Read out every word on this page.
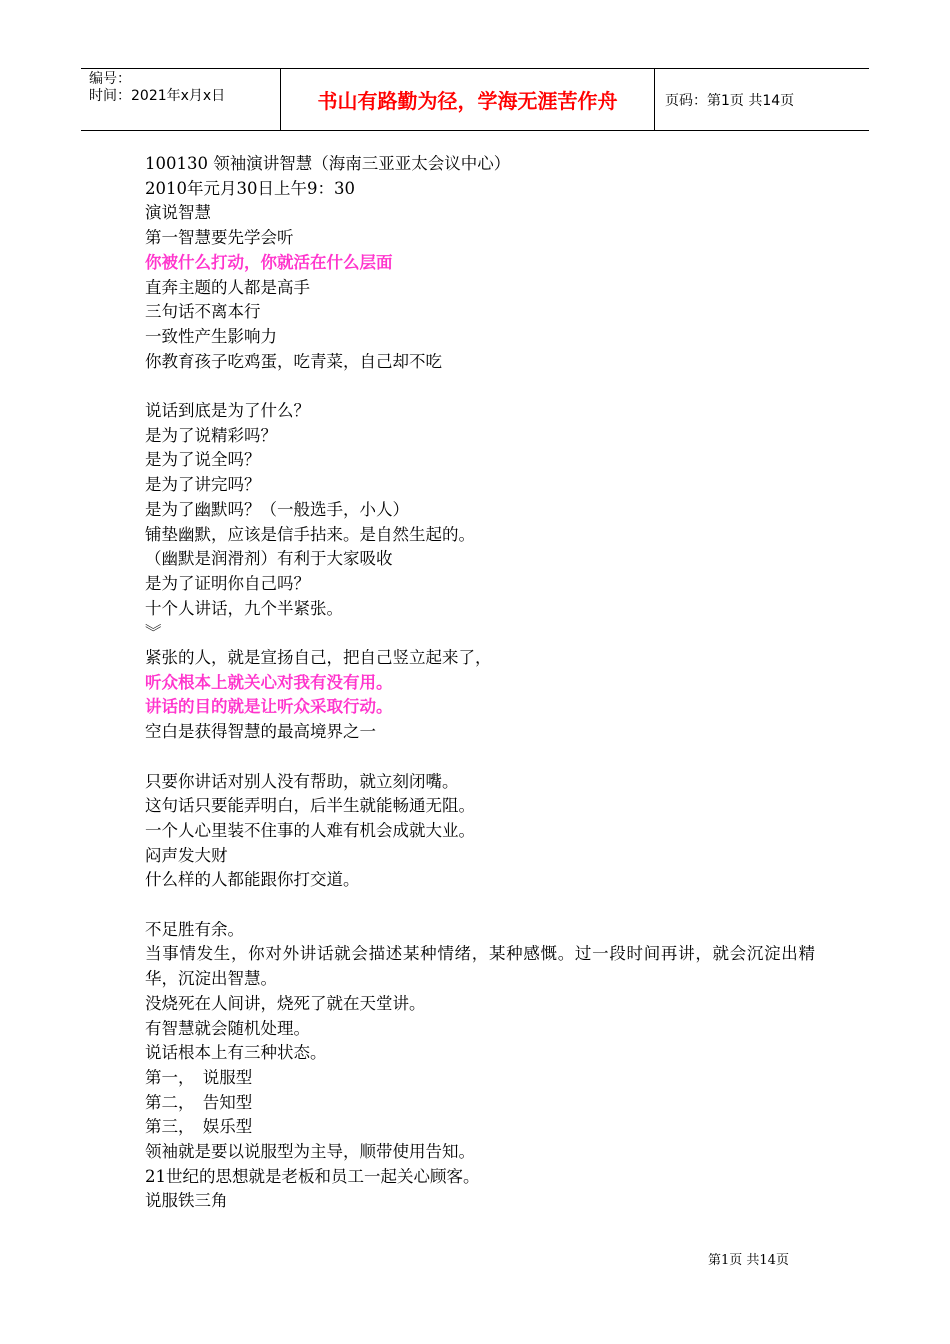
编号：
时间：2021年x月x日	书山有路勤为径，学海无涯苦作舟	页码：第1页 共14页
100130 领袖演讲智慧（海南三亚亚太会议中心）
2010年元月30日上午9：30
演说智慧
第一智慧要先学会听
你被什么打动，你就活在什么层面
直奔主题的人都是高手
三句话不离本行
一致性产生影响力
你教育孩子吃鸡蛋，吃青菜，自己却不吃
说话到底是为了什么？
是为了说精彩吗？
是为了说全吗？
是为了讲完吗？
是为了幽默吗？（一般选手，小人）
铺垫幽默，应该是信手拈来。是自然生起的。
（幽默是润滑剂）有利于大家吸收
是为了证明你自己吗？
十个人讲话，九个半紧张。
︾
紧张的人，就是宣扬自己，把自己竖立起来了，
听众根本上就关心对我有没有用。
讲话的目的就是让听众采取行动。
空白是获得智慧的最高境界之一
只要你讲话对别人没有帮助，就立刻闭嘴。
这句话只要能弄明白，后半生就能畅通无阻。
一个人心里装不住事的人难有机会成就大业。
闷声发大财
什么样的人都能跟你打交道。
不足胜有余。
当事情发生，你对外讲话就会描述某种情绪，某种感慨。过一段时间再讲，就会沉淀出精华，沉淀出智慧。
没烧死在人间讲，烧死了就在天堂讲。
有智慧就会随机处理。
说话根本上有三种状态。
第一，　说服型
第二，　告知型
第三，　娱乐型
领袖就是要以说服型为主导，顺带使用告知。
21世纪的思想就是老板和员工一起关心顾客。
说服铁三角
第1页 共14页
